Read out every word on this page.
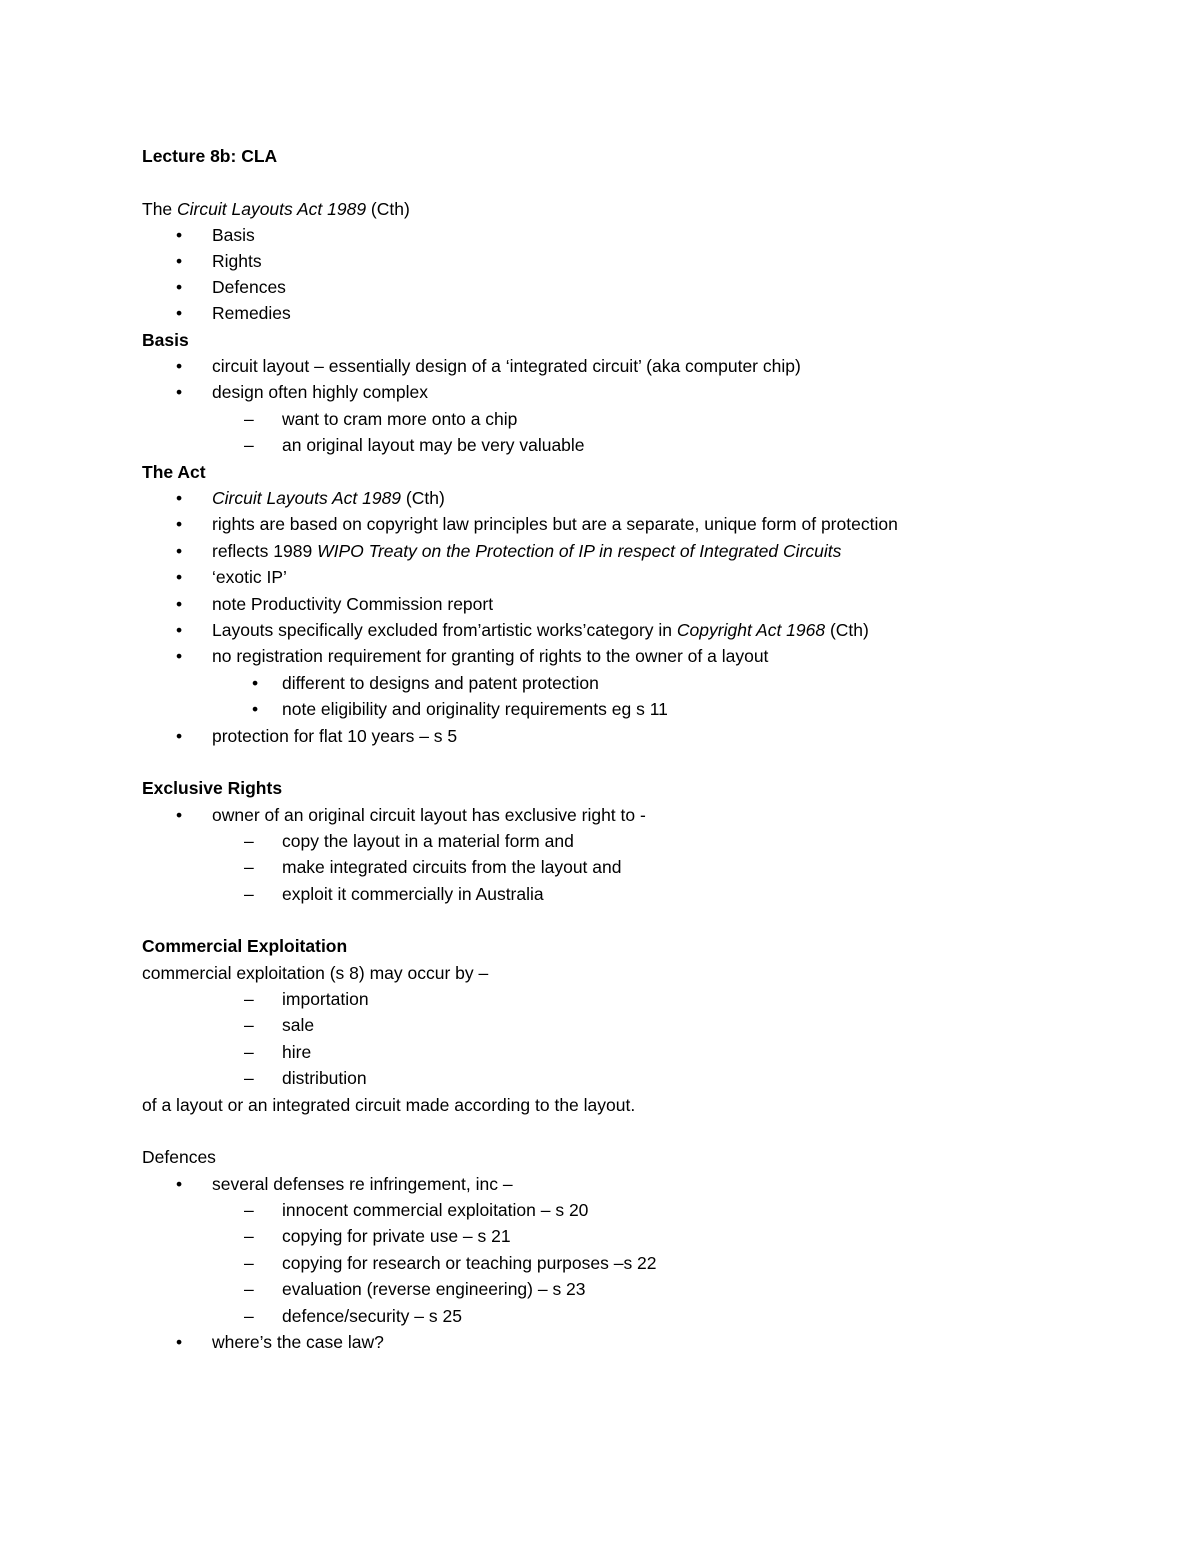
Lecture 8b: CLA
The Circuit Layouts Act 1989 (Cth)
• Basis
• Rights
• Defences
• Remedies
Basis
• circuit layout – essentially design of a ‘integrated circuit’ (aka computer chip)
• design often highly complex
– want to cram more onto a chip
– an original layout may be very valuable
The Act
• Circuit Layouts Act 1989 (Cth)
• rights are based on copyright law principles but are a separate, unique form of protection
• reflects 1989 WIPO Treaty on the Protection of IP in respect of Integrated Circuits
• ‘exotic IP’
• note Productivity Commission report
• Layouts specifically excluded from’artistic works’category in Copyright Act 1968 (Cth)
• no registration requirement for granting of rights to the owner of a layout
• different to designs and patent protection
• note eligibility and originality requirements eg s 11
• protection for flat 10 years – s 5
Exclusive Rights
• owner of an original circuit layout has exclusive right to -
– copy the layout in a material form and
– make integrated circuits from the layout and
– exploit it commercially in Australia
Commercial Exploitation
commercial exploitation (s 8) may occur by –
– importation
– sale
– hire
– distribution
of a layout or an integrated circuit made according to the layout.
Defences
• several defenses re infringement, inc –
– innocent commercial exploitation – s 20
– copying for private use – s 21
– copying for research or teaching purposes –s 22
– evaluation (reverse engineering) – s 23
– defence/security – s 25
• where’s the case law?
